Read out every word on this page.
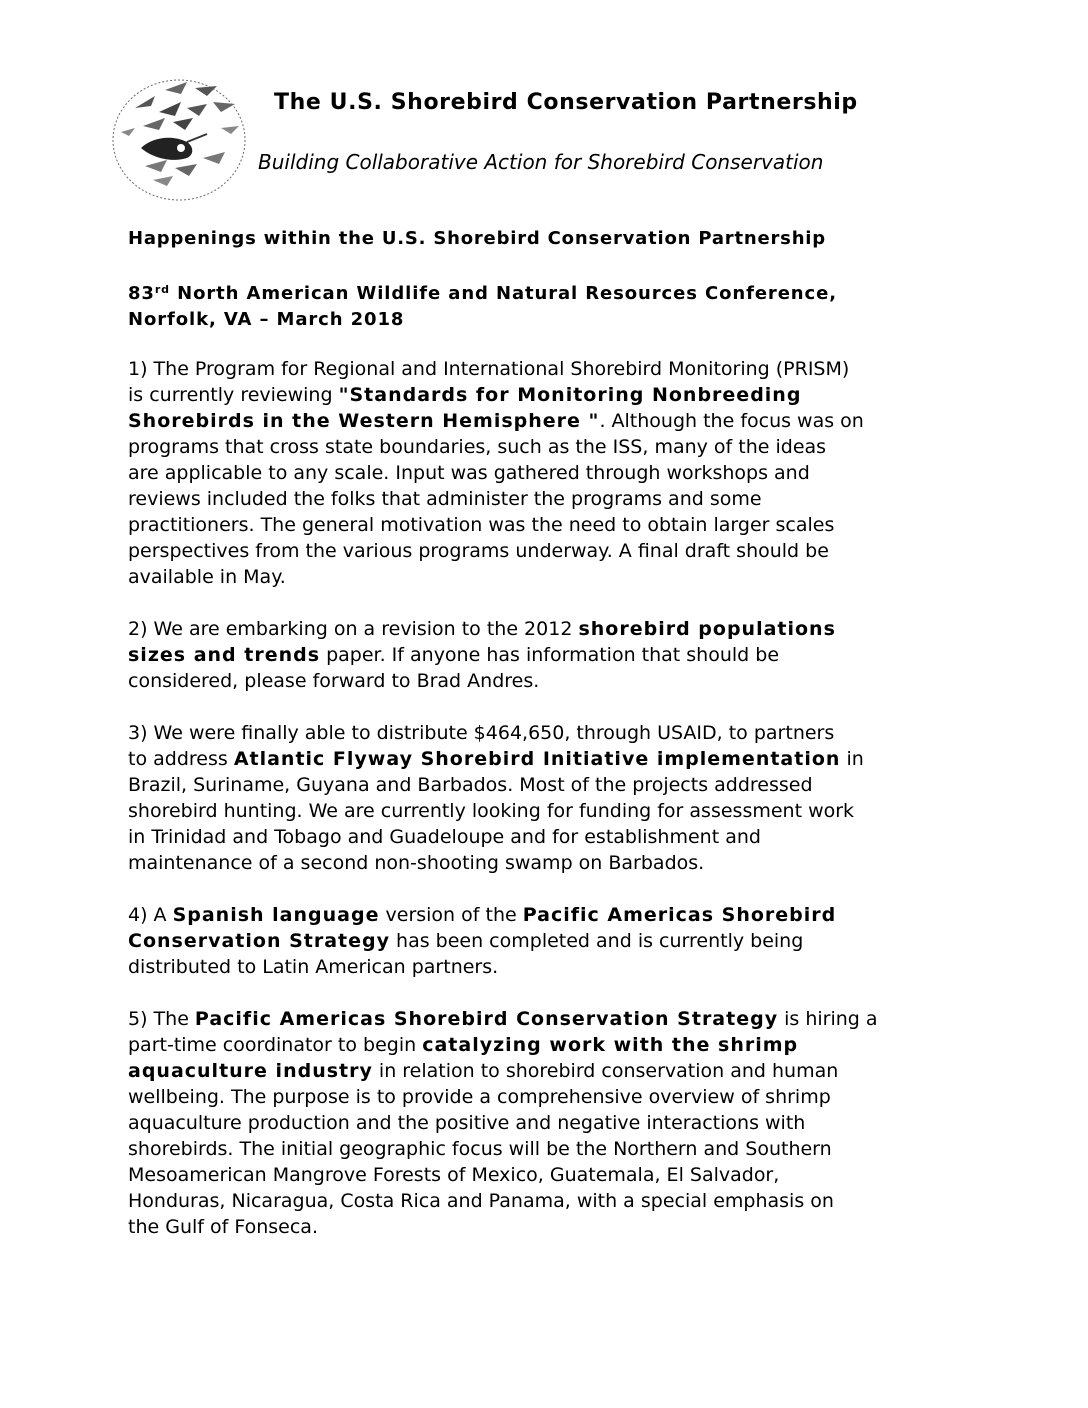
The U.S. Shorebird Conservation Partnership

Building Collaborative Action for Shorebird Conservation

Happenings within the U.S. Shorebird Conservation Partnership
83rd North American Wildlife and Natural Resources Conference,
Norfolk, VA – March 2018

1) The Program for Regional and International Shorebird Monitoring (PRISM)
is currently reviewing "Standards for Monitoring Nonbreeding
Shorebirds in the Western Hemisphere ". Although the focus was on
programs that cross state boundaries, such as the ISS, many of the ideas
are applicable to any scale. Input was gathered through workshops and
reviews included the folks that administer the programs and some
practitioners. The general motivation was the need to obtain larger scales
perspectives from the various programs underway. A final draft should be
available in May.

2) We are embarking on a revision to the 2012 shorebird populations
sizes and trends paper. If anyone has information that should be
considered, please forward to Brad Andres.

3) We were finally able to distribute $464,650, through USAID, to partners
to address Atlantic Flyway Shorebird Initiative implementation in
Brazil, Suriname, Guyana and Barbados. Most of the projects addressed
shorebird hunting. We are currently looking for funding for assessment work
in Trinidad and Tobago and Guadeloupe and for establishment and
maintenance of a second non-shooting swamp on Barbados.

4) A Spanish language version of the Pacific Americas Shorebird
Conservation Strategy has been completed and is currently being
distributed to Latin American partners.

5) The Pacific Americas Shorebird Conservation Strategy is hiring a
part-time coordinator to begin catalyzing work with the shrimp
aquaculture industry in relation to shorebird conservation and human
wellbeing. The purpose is to provide a comprehensive overview of shrimp
aquaculture production and the positive and negative interactions with
shorebirds. The initial geographic focus will be the Northern and Southern
Mesoamerican Mangrove Forests of Mexico, Guatemala, El Salvador,
Honduras, Nicaragua, Costa Rica and Panama, with a special emphasis on
the Gulf of Fonseca.
